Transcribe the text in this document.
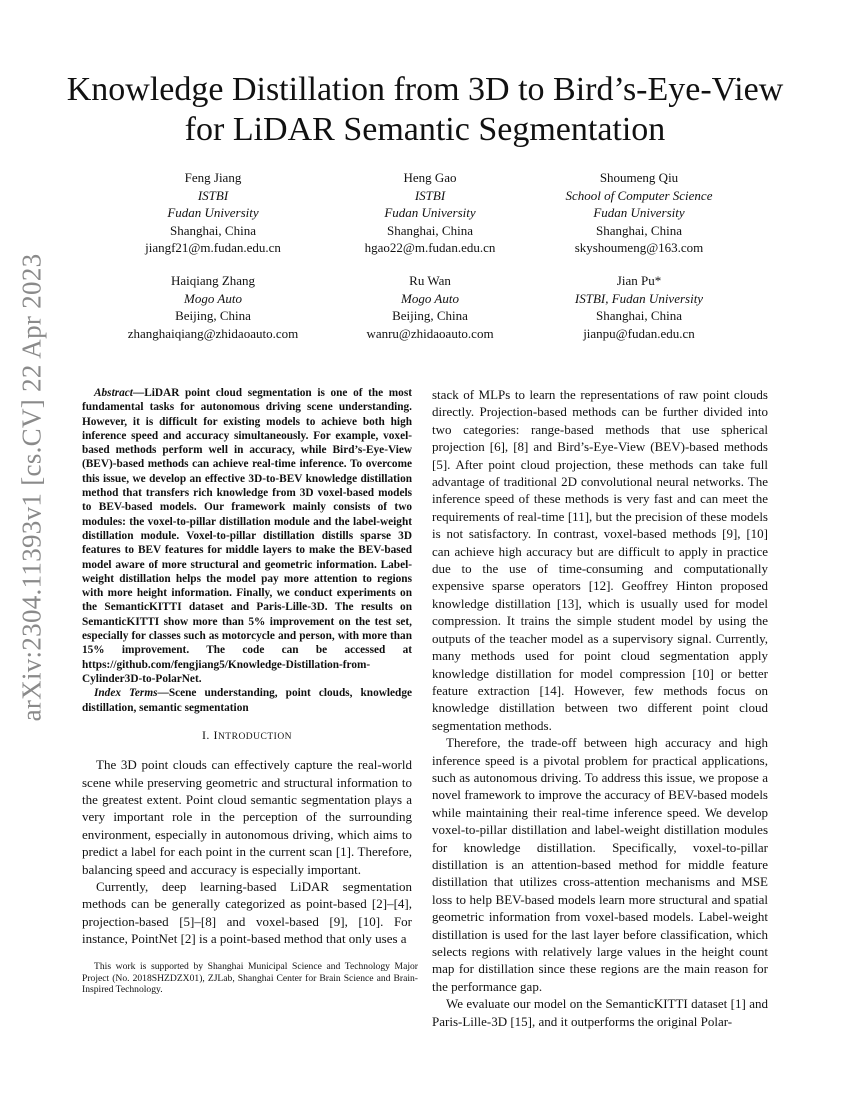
arXiv:2304.11393v1 [cs.CV] 22 Apr 2023
Knowledge Distillation from 3D to Bird’s-Eye-View
for LiDAR Semantic Segmentation
Feng Jiang
ISTBI
Fudan University
Shanghai, China
jiangf21@m.fudan.edu.cn
Heng Gao
ISTBI
Fudan University
Shanghai, China
hgao22@m.fudan.edu.cn
Shoumeng Qiu
School of Computer Science
Fudan University
Shanghai, China
skyshoumeng@163.com
Haiqiang Zhang
Mogo Auto
Beijing, China
zhanghaiqiang@zhidaoauto.com
Ru Wan
Mogo Auto
Beijing, China
wanru@zhidaoauto.com
Jian Pu*
ISTBI, Fudan University
Shanghai, China
jianpu@fudan.edu.cn

Abstract—LiDAR point cloud segmentation is one of the most fundamental tasks for autonomous driving scene understanding. However, it is difficult for existing models to achieve both high inference speed and accuracy simultaneously. For example, voxel-based methods perform well in accuracy, while Bird’s-Eye-View (BEV)-based methods can achieve real-time inference. To overcome this issue, we develop an effective 3D-to-BEV knowledge distillation method that transfers rich knowledge from 3D voxel-based models to BEV-based models. Our framework mainly consists of two modules: the voxel-to-pillar distillation module and the label-weight distillation module. Voxel-to-pillar distillation distills sparse 3D features to BEV features for middle layers to make the BEV-based model aware of more structural and geometric information. Label-weight distillation helps the model pay more attention to regions with more height information. Finally, we conduct experiments on the SemanticKITTI dataset and Paris-Lille-3D. The results on SemanticKITTI show more than 5% improvement on the test set, especially for classes such as motorcycle and person, with more than 15% improvement. The code can be accessed at https://github.com/fengjiang5/Knowledge-Distillation-from-Cylinder3D-to-PolarNet.

Index Terms—Scene understanding, point clouds, knowledge distillation, semantic segmentation

I. INTRODUCTION

The 3D point clouds can effectively capture the real-world scene while preserving geometric and structural information to the greatest extent. Point cloud semantic segmentation plays a very important role in the perception of the surrounding environment, especially in autonomous driving, which aims to predict a label for each point in the current scan [1]. Therefore, balancing speed and accuracy is especially important.

Currently, deep learning-based LiDAR segmentation methods can be generally categorized as point-based [2]–[4], projection-based [5]–[8] and voxel-based [9], [10]. For instance, PointNet [2] is a point-based method that only uses a

This work is supported by Shanghai Municipal Science and Technology Major Project (No. 2018SHZDZX01), ZJLab, Shanghai Center for Brain Science and Brain-Inspired Technology.

stack of MLPs to learn the representations of raw point clouds directly. Projection-based methods can be further divided into two categories: range-based methods that use spherical projection [6], [8] and Bird’s-Eye-View (BEV)-based methods [5]. After point cloud projection, these methods can take full advantage of traditional 2D convolutional neural networks. The inference speed of these methods is very fast and can meet the requirements of real-time [11], but the precision of these models is not satisfactory. In contrast, voxel-based methods [9], [10] can achieve high accuracy but are difficult to apply in practice due to the use of time-consuming and computationally expensive sparse operators [12]. Geoffrey Hinton proposed knowledge distillation [13], which is usually used for model compression. It trains the simple student model by using the outputs of the teacher model as a supervisory signal. Currently, many methods used for point cloud segmentation apply knowledge distillation for model compression [10] or better feature extraction [14]. However, few methods focus on knowledge distillation between two different point cloud segmentation methods.

Therefore, the trade-off between high accuracy and high inference speed is a pivotal problem for practical applications, such as autonomous driving. To address this issue, we propose a novel framework to improve the accuracy of BEV-based models while maintaining their real-time inference speed. We develop voxel-to-pillar distillation and label-weight distillation modules for knowledge distillation. Specifically, voxel-to-pillar distillation is an attention-based method for middle feature distillation that utilizes cross-attention mechanisms and MSE loss to help BEV-based models learn more structural and spatial geometric information from voxel-based models. Label-weight distillation is used for the last layer before classification, which selects regions with relatively large values in the height count map for distillation since these regions are the main reason for the performance gap.

We evaluate our model on the SemanticKITTI dataset [1] and Paris-Lille-3D [15], and it outperforms the original Polar-
